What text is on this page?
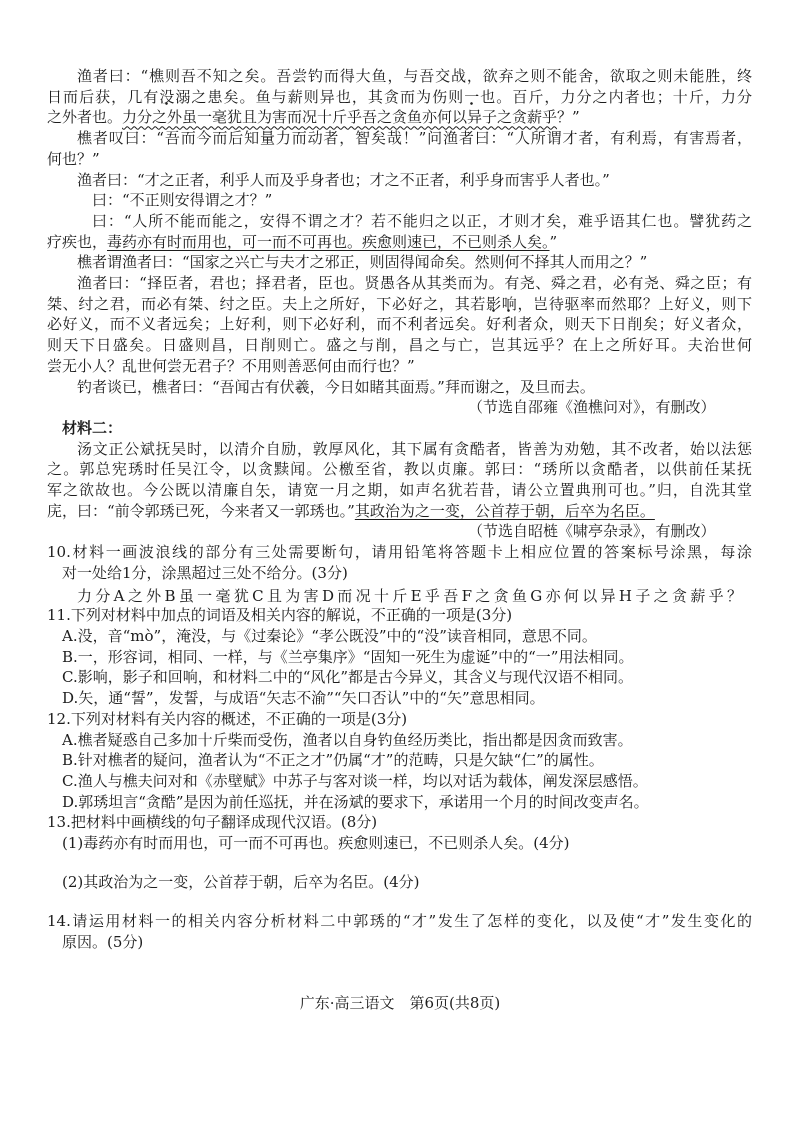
渔者曰：“樵则吾不知之矣。吾尝钓而得大鱼，与吾交战，欲弃之则不能舍，欲取之则未能胜，终
日而后获，几有没溺之患矣。鱼与薪则异也，其贪而为伤则一也。百斤，力分之内者也；十斤，力分
之外者也。力分之外虽一毫犹且为害而况十斤乎吾之贪鱼亦何以异子之贪薪乎？”
樵者叹曰：“吾而今而后知量力而动者，智矣哉！”问渔者曰：“人所谓才者，有利焉，有害焉者，
何也？”
渔者曰：“才之正者，利乎人而及乎身者也；才之不正者，利乎身而害乎人者也。”
曰：“不正则安得谓之才？”
曰：“人所不能而能之，安得不谓之才？若不能归之以正，才则才矣，难乎语其仁也。譬犹药之
疗疾也，毒药亦有时而用也，可一而不可再也。疾愈则速已，不已则杀人矣。”
樵者谓渔者曰：“国家之兴亡与夫才之邪正，则固得闻命矣。然则何不择其人而用之？”
渔者曰：“择臣者，君也；择君者，臣也。贤愚各从其类而为。有尧、舜之君，必有尧、舜之臣；有
桀、纣之君，而必有桀、纣之臣。夫上之所好，下必好之，其若影响，岂待驱率而然耶？上好义，则下
必好义，而不义者远矣；上好利，则下必好利，而不利者远矣。好利者众，则天下日削矣；好义者众，
则天下日盛矣。日盛则昌，日削则亡。盛之与削，昌之与亡，岂其远乎？在上之所好耳。夫治世何
尝无小人？乱世何尝无君子？不用则善恶何由而行也？”
钓者谈已，樵者曰：“吾闻古有伏羲，今日如睹其面焉。”拜而谢之，及旦而去。
（节选自邵雍《渔樵问对》，有删改）
材料二：
汤文正公斌抚吴时，以清介自励，敦厚风化，其下属有贪酷者，皆善为劝勉，其不改者，始以法惩
之。郭总宪琇时任吴江令，以贪黩闻。公檄至省，教以贞廉。郭曰：“琇所以贪酷者，以供前任某抚
军之欲故也。今公既以清廉自矢，请宽一月之期，如声名犹若昔，请公立置典刑可也。”归，自洗其堂
庑，曰：“前令郭琇已死，今来者又一郭琇也。”其政治为之一变，公首荐于朝，后卒为名臣。
（节选自昭梿《啸亭杂录》，有删改）
10.材料一画波浪线的部分有三处需要断句，请用铅笔将答题卡上相应位置的答案标号涂黑，每涂
对一处给1分，涂黑超过三处不给分。(3分)
力分A之外B虽一毫犹C且为害D而况十斤E乎吾F之贪鱼G亦何以异H子之贪薪乎？
11.下列对材料中加点的词语及相关内容的解说，不正确的一项是(3分)
A.没，音“mò”，淹没，与《过秦论》“孝公既没”中的“没”读音相同，意思不同。
B.一，形容词，相同、一样，与《兰亭集序》“固知一死生为虚诞”中的“一”用法相同。
C.影响，影子和回响，和材料二中的“风化”都是古今异义，其含义与现代汉语不相同。
D.矢，通“誓”，发誓，与成语“矢志不渝”“矢口否认”中的“矢”意思相同。
12.下列对材料有关内容的概述，不正确的一项是(3分)
A.樵者疑惑自己多加十斤柴而受伤，渔者以自身钓鱼经历类比，指出都是因贪而致害。
B.针对樵者的疑问，渔者认为“不正之才”仍属“才”的范畴，只是欠缺“仁”的属性。
C.渔人与樵夫问对和《赤壁赋》中苏子与客对谈一样，均以对话为载体，阐发深层感悟。
D.郭琇坦言“贪酷”是因为前任巡抚，并在汤斌的要求下，承诺用一个月的时间改变声名。
13.把材料中画横线的句子翻译成现代汉语。(8分)
(1)毒药亦有时而用也，可一而不可再也。疾愈则速已，不已则杀人矣。(4分)
(2)其政治为之一变，公首荐于朝，后卒为名臣。(4分)
14.请运用材料一的相关内容分析材料二中郭琇的“才”发生了怎样的变化，以及使“才”发生变化的
原因。(5分)
广东·高三语文　第6页(共8页)
